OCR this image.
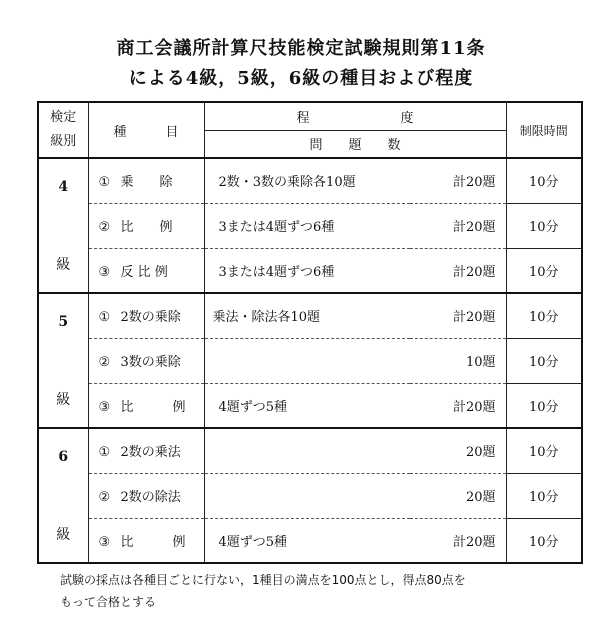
商工会議所計算尺技能検定試験規則第11条
による4級，5級，6級の種目および程度
検定
級別	種　　　目	程　　　　　　　度		制限時間
		問　　題　　数		

4
級	① 乗　　除	2数・3数の乗除各10題	計20題	10分
	② 比　　例	3または4題ずつ6種	計20題	10分
	③ 反 比 例	3または4題ずつ6種	計20題	10分

5
級	① 2数の乗除	乗法・除法各10題	計20題	10分
	② 3数の乗除		10題	10分
	③ 比　　　例	4題ずつ5種	計20題	10分

6
級	① 2数の乗法		20題	10分
	② 2数の除法		20題	10分
	③ 比　　　例	4題ずつ5種	計20題	10分
試験の採点は各種目ごとに行ない，1種目の満点を100点とし，得点80点を
もって合格とする
